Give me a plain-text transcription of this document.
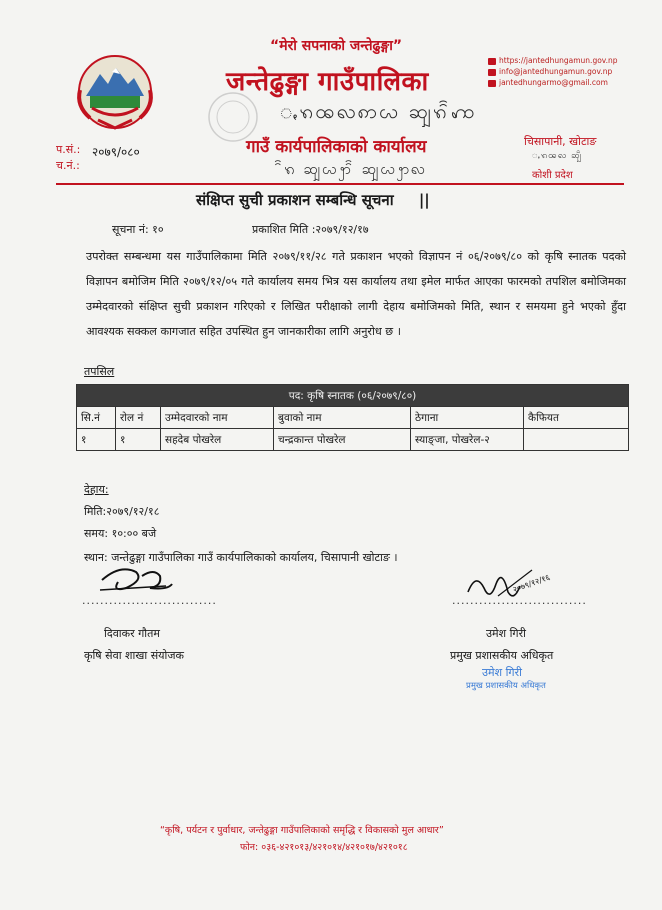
“मेरो सपनाको जन्तेढुङ्गा”
जन्तेढुङ्गा गाउँपालिका
ꩻꩫꩪꩮꩱꩬ ꩿꩫꩰꩲ
गाउँ कार्यपालिकाको कार्यालय
ꩰꩫ ꩿꩬꩭꩰ ꩿꩬꩭꩮ
https://jantedhungamun.gov.np
info@jantedhungamun.gov.np
jantedhungarmo@gmail.com
चिसापानी, खोटाङ
ꩻꩫꩪꩮ ꩿꩰ
कोशी प्रदेश
प.सं.: २०७९/०८०
च.नं.:
संक्षिप्त सुची प्रकाशन सम्बन्धि सूचना ||
सूचना नं: १०	प्रकाशित मिति :२०७९/१२/१७
उपरोक्त सम्बन्धमा यस गाउँपालिकामा मिति २०७९/११/२८ गते प्रकाशन भएको विज्ञापन नं ०६/२०७९/८० को कृषि स्नातक पदको विज्ञापन बमोजिम मिति २०७९/१२/०५ गते कार्यालय समय भित्र यस कार्यालय तथा इमेल मार्फत आएका फारमको तपशिल बमोजिमका उम्मेदवारको संक्षिप्त सुची प्रकाशन गरिएको र लिखित परीक्षाको लागी देहाय बमोजिमको मिति, स्थान र समयमा हुने भएको हुँदा आवश्यक सक्कल कागजात सहित उपस्थित हुन जानकारीका लागि अनुरोध छ ।
तपसिल
पद: कृषि स्नातक (०६/२०७९/८०)					
सि.नं	रोल नं	उम्मेदवारको नाम	बुवाको नाम	ठेगाना	कैफियत
१	१	सहदेब पोखरेल	चन्द्रकान्त पोखरेल	स्याङ्जा, पोखरेल-२	
देहाय:
मिति:२०७९/१२/१८
समय: १०:०० बजे
स्थान: जन्तेढुङ्गा गाउँपालिका गाउँ कार्यपालिकाको कार्यालय, चिसापानी खोटाङ ।
..............................
दिवाकर गौतम
कृषि सेवा शाखा संयोजक
२०७९/१२/१६
..............................
उमेश गिरी
प्रमुख प्रशासकीय अधिकृत
उमेश गिरी
प्रमुख प्रशासकीय अधिकृत
“कृषि, पर्यटन र पुर्वाधार, जन्तेढुङ्गा गाउँपालिकाको समृद्धि र विकासको मुल आधार”
फोन: ०३६-४२१०१३/४२१०१४/४२१०१७/४२१०१८
